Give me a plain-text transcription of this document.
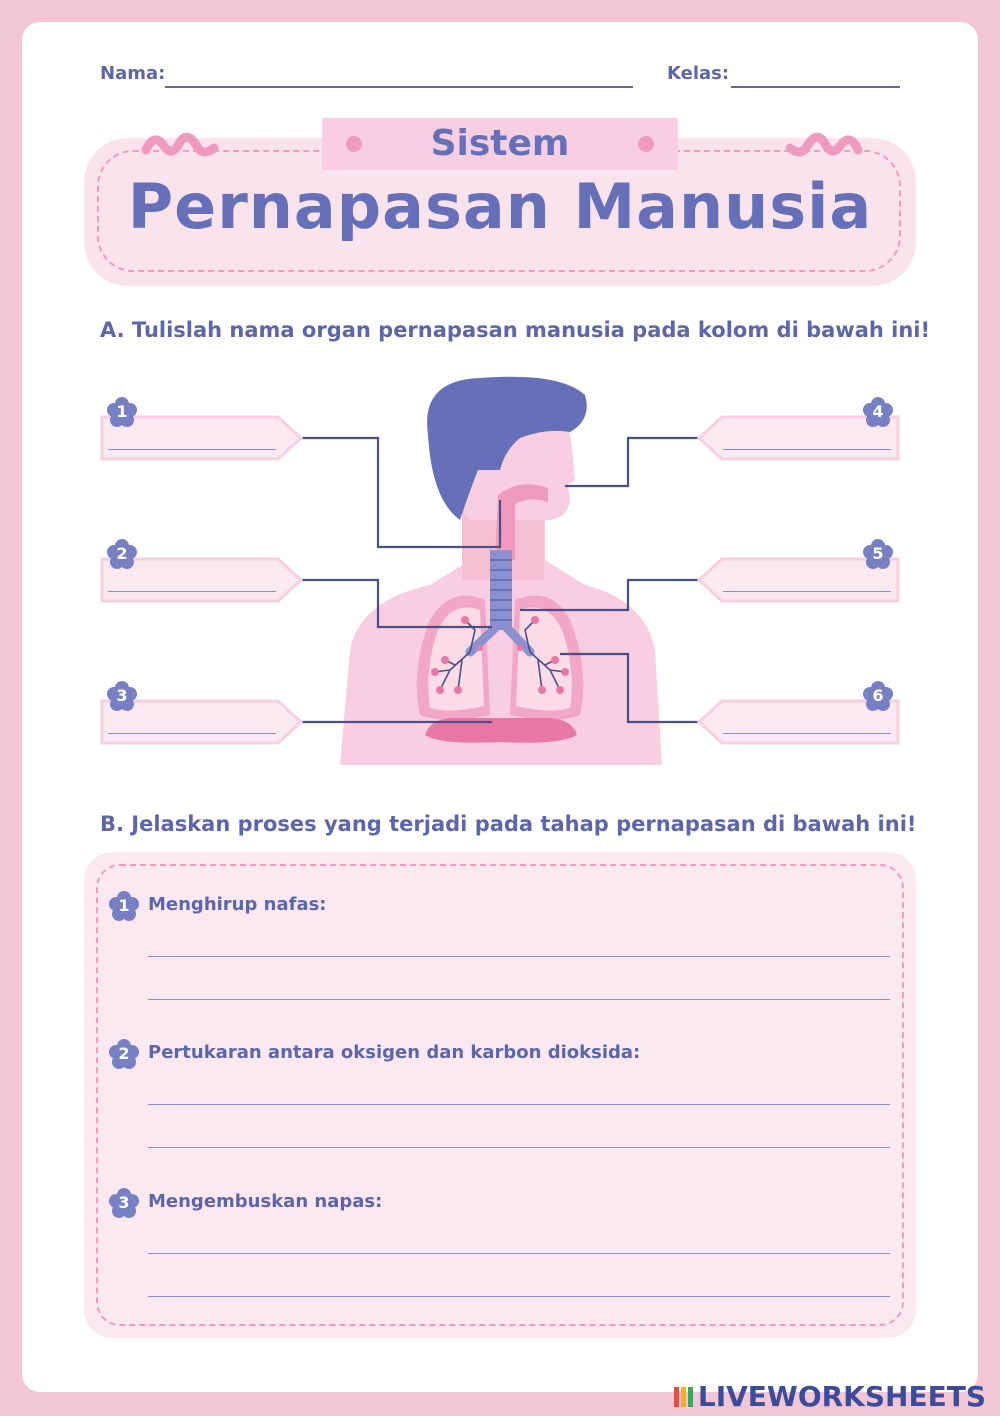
Nama:	Kelas:
Sistem
Pernapasan Manusia
A. Tulislah nama organ pernapasan manusia pada kolom di bawah ini!
1
2
3
4
5
6
B. Jelaskan proses yang terjadi pada tahap pernapasan di bawah ini!
1	Menghirup nafas:
2	Pertukaran antara oksigen dan karbon dioksida:
3	Mengembuskan napas:
LIVEWORKSHEETS
